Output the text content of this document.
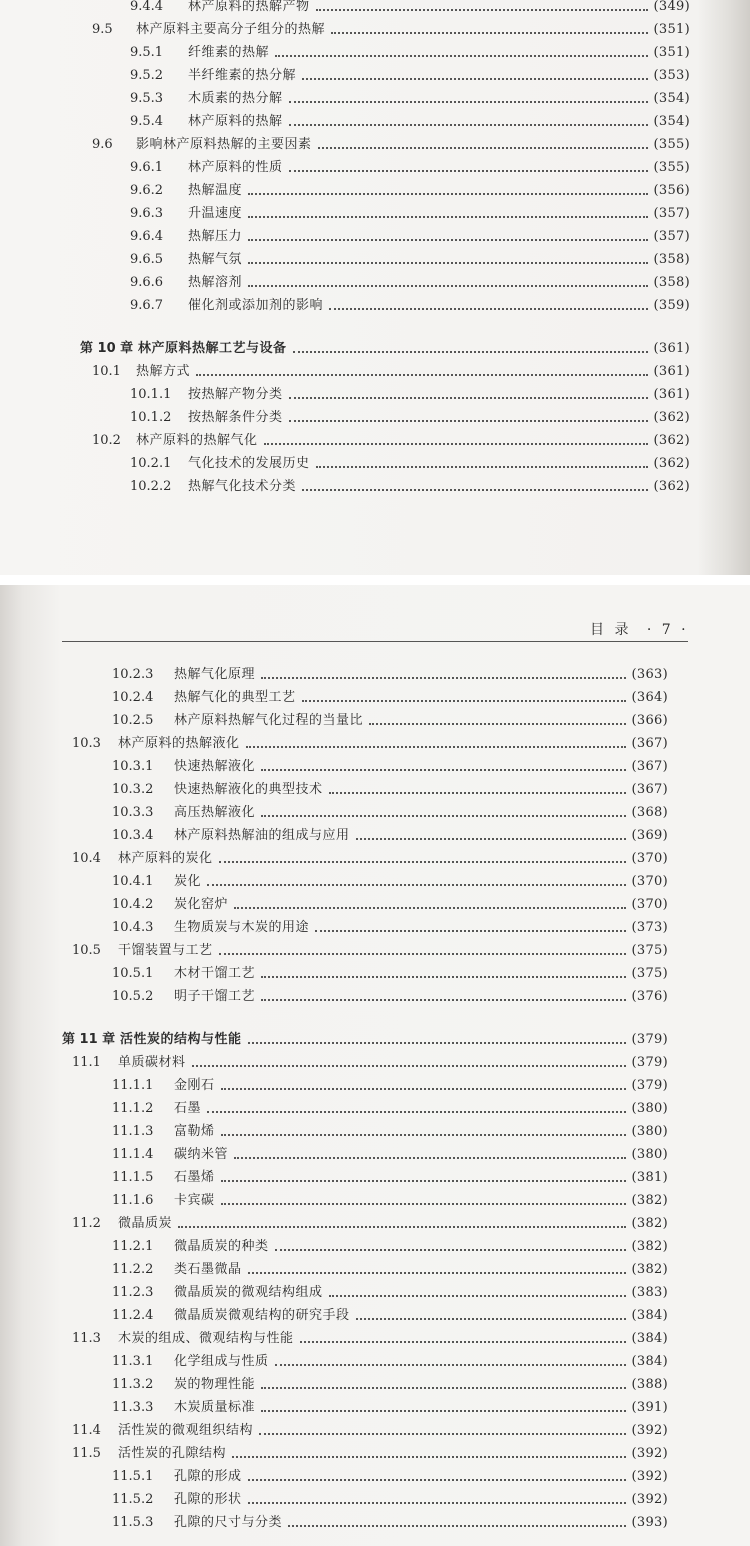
9.4.4	林产原料的热解产物	(349)
9.5	林产原料主要高分子组分的热解	(351)
9.5.1	纤维素的热解	(351)
9.5.2	半纤维素的热分解	(353)
9.5.3	木质素的热分解	(354)
9.5.4	林产原料的热解	(354)
9.6	影响林产原料热解的主要因素	(355)
9.6.1	林产原料的性质	(355)
9.6.2	热解温度	(356)
9.6.3	升温速度	(357)
9.6.4	热解压力	(357)
9.6.5	热解气氛	(358)
9.6.6	热解溶剂	(358)
9.6.7	催化剂或添加剂的影响	(359)
第 10 章 林产原料热解工艺与设备	(361)
10.1	热解方式	(361)
10.1.1	按热解产物分类	(361)
10.1.2	按热解条件分类	(362)
10.2	林产原料的热解气化	(362)
10.2.1	气化技术的发展历史	(362)
10.2.2	热解气化技术分类	(362)
目 录 · 7 ·
10.2.3	热解气化原理	(363)
10.2.4	热解气化的典型工艺	(364)
10.2.5	林产原料热解气化过程的当量比	(366)
10.3	林产原料的热解液化	(367)
10.3.1	快速热解液化	(367)
10.3.2	快速热解液化的典型技术	(367)
10.3.3	高压热解液化	(368)
10.3.4	林产原料热解油的组成与应用	(369)
10.4	林产原料的炭化	(370)
10.4.1	炭化	(370)
10.4.2	炭化窑炉	(370)
10.4.3	生物质炭与木炭的用途	(373)
10.5	干馏装置与工艺	(375)
10.5.1	木材干馏工艺	(375)
10.5.2	明子干馏工艺	(376)
第 11 章 活性炭的结构与性能	(379)
11.1	单质碳材料	(379)
11.1.1	金刚石	(379)
11.1.2	石墨	(380)
11.1.3	富勒烯	(380)
11.1.4	碳纳米管	(380)
11.1.5	石墨烯	(381)
11.1.6	卡宾碳	(382)
11.2	微晶质炭	(382)
11.2.1	微晶质炭的种类	(382)
11.2.2	类石墨微晶	(382)
11.2.3	微晶质炭的微观结构组成	(383)
11.2.4	微晶质炭微观结构的研究手段	(384)
11.3	木炭的组成、微观结构与性能	(384)
11.3.1	化学组成与性质	(384)
11.3.2	炭的物理性能	(388)
11.3.3	木炭质量标准	(391)
11.4	活性炭的微观组织结构	(392)
11.5	活性炭的孔隙结构	(392)
11.5.1	孔隙的形成	(392)
11.5.2	孔隙的形状	(392)
11.5.3	孔隙的尺寸与分类	(393)
